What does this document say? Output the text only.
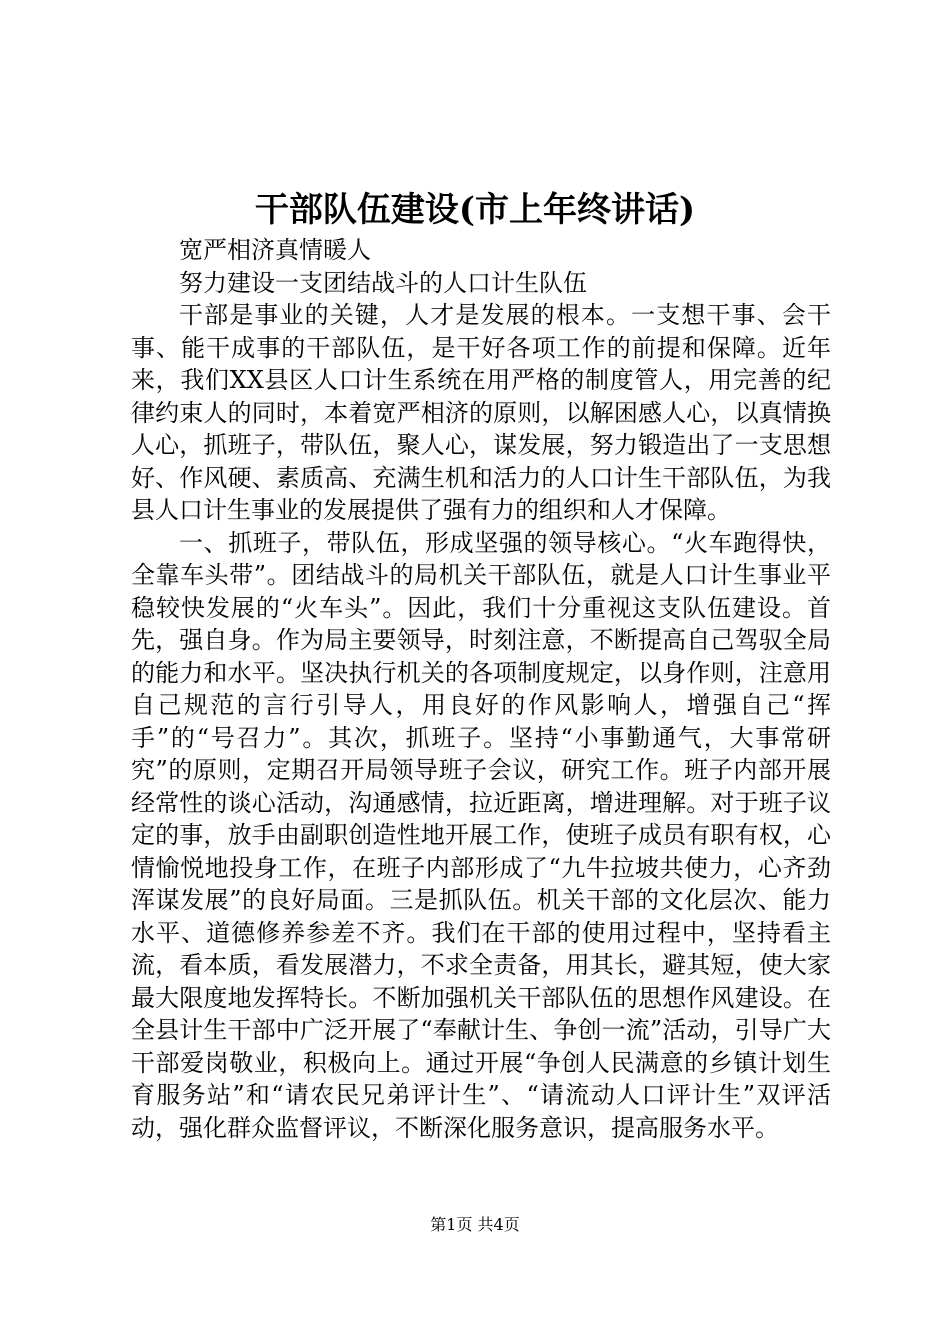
干部队伍建设(市上年终讲话)

宽严相济真情暖人

努力建设一支团结战斗的人口计生队伍

干部是事业的关键，人才是发展的根本。一支想干事、会干事、能干成事的干部队伍，是干好各项工作的前提和保障。近年来，我们XX县区人口计生系统在用严格的制度管人，用完善的纪律约束人的同时，本着宽严相济的原则，以解困感人心，以真情换人心，抓班子，带队伍，聚人心，谋发展，努力锻造出了一支思想好、作风硬、素质高、充满生机和活力的人口计生干部队伍，为我县人口计生事业的发展提供了强有力的组织和人才保障。

一、抓班子，带队伍，形成坚强的领导核心。“火车跑得快，全靠车头带”。团结战斗的局机关干部队伍，就是人口计生事业平稳较快发展的“火车头”。因此，我们十分重视这支队伍建设。首先，强自身。作为局主要领导，时刻注意，不断提高自己驾驭全局的能力和水平。坚决执行机关的各项制度规定，以身作则，注意用自己规范的言行引导人，用良好的作风影响人，增强自己“挥手”的“号召力”。其次，抓班子。坚持“小事勤通气，大事常研究”的原则，定期召开局领导班子会议，研究工作。班子内部开展经常性的谈心活动，沟通感情，拉近距离，增进理解。对于班子议定的事，放手由副职创造性地开展工作，使班子成员有职有权，心情愉悦地投身工作，在班子内部形成了“九牛拉坡共使力，心齐劲浑谋发展”的良好局面。三是抓队伍。机关干部的文化层次、能力水平、道德修养参差不齐。我们在干部的使用过程中，坚持看主流，看本质，看发展潜力，不求全责备，用其长，避其短，使大家最大限度地发挥特长。不断加强机关干部队伍的思想作风建设。在全县计生干部中广泛开展了“奉献计生、争创一流”活动，引导广大干部爱岗敬业，积极向上。通过开展“争创人民满意的乡镇计划生育服务站”和“请农民兄弟评计生”、“请流动人口评计生”双评活动，强化群众监督评议，不断深化服务意识，提高服务水平。

第1页 共4页
